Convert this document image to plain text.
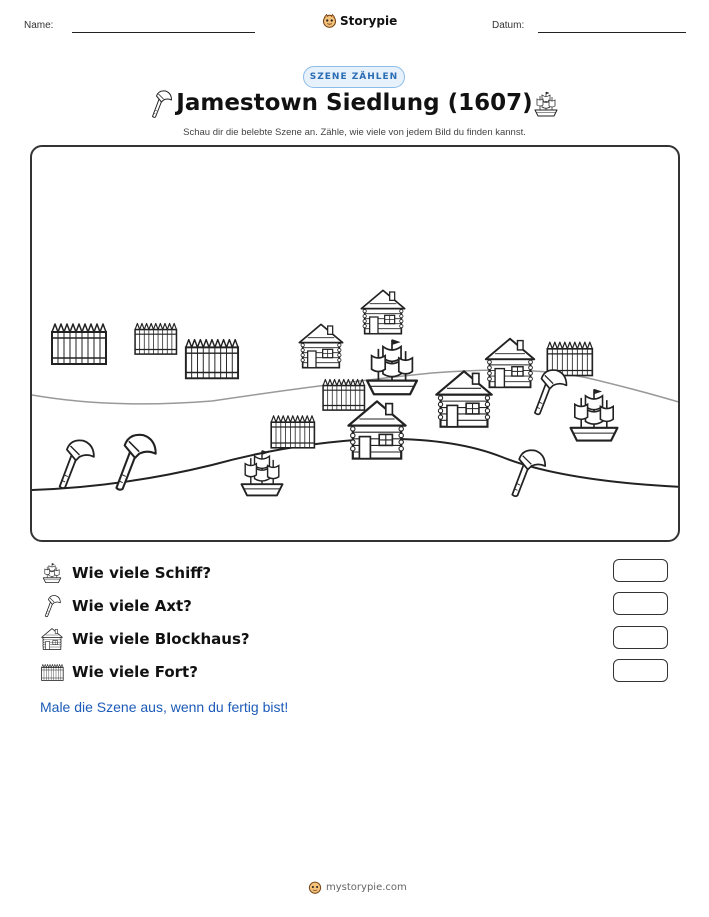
Name:	Storypie	Datum:
SZENE ZÄHLEN
Jamestown Siedlung (1607)
Schau dir die belebte Szene an. Zähle, wie viele von jedem Bild du finden kannst.
Wie viele Schiff?
Wie viele Axt?
Wie viele Blockhaus?
Wie viele Fort?
Male die Szene aus, wenn du fertig bist!
mystorypie.com
